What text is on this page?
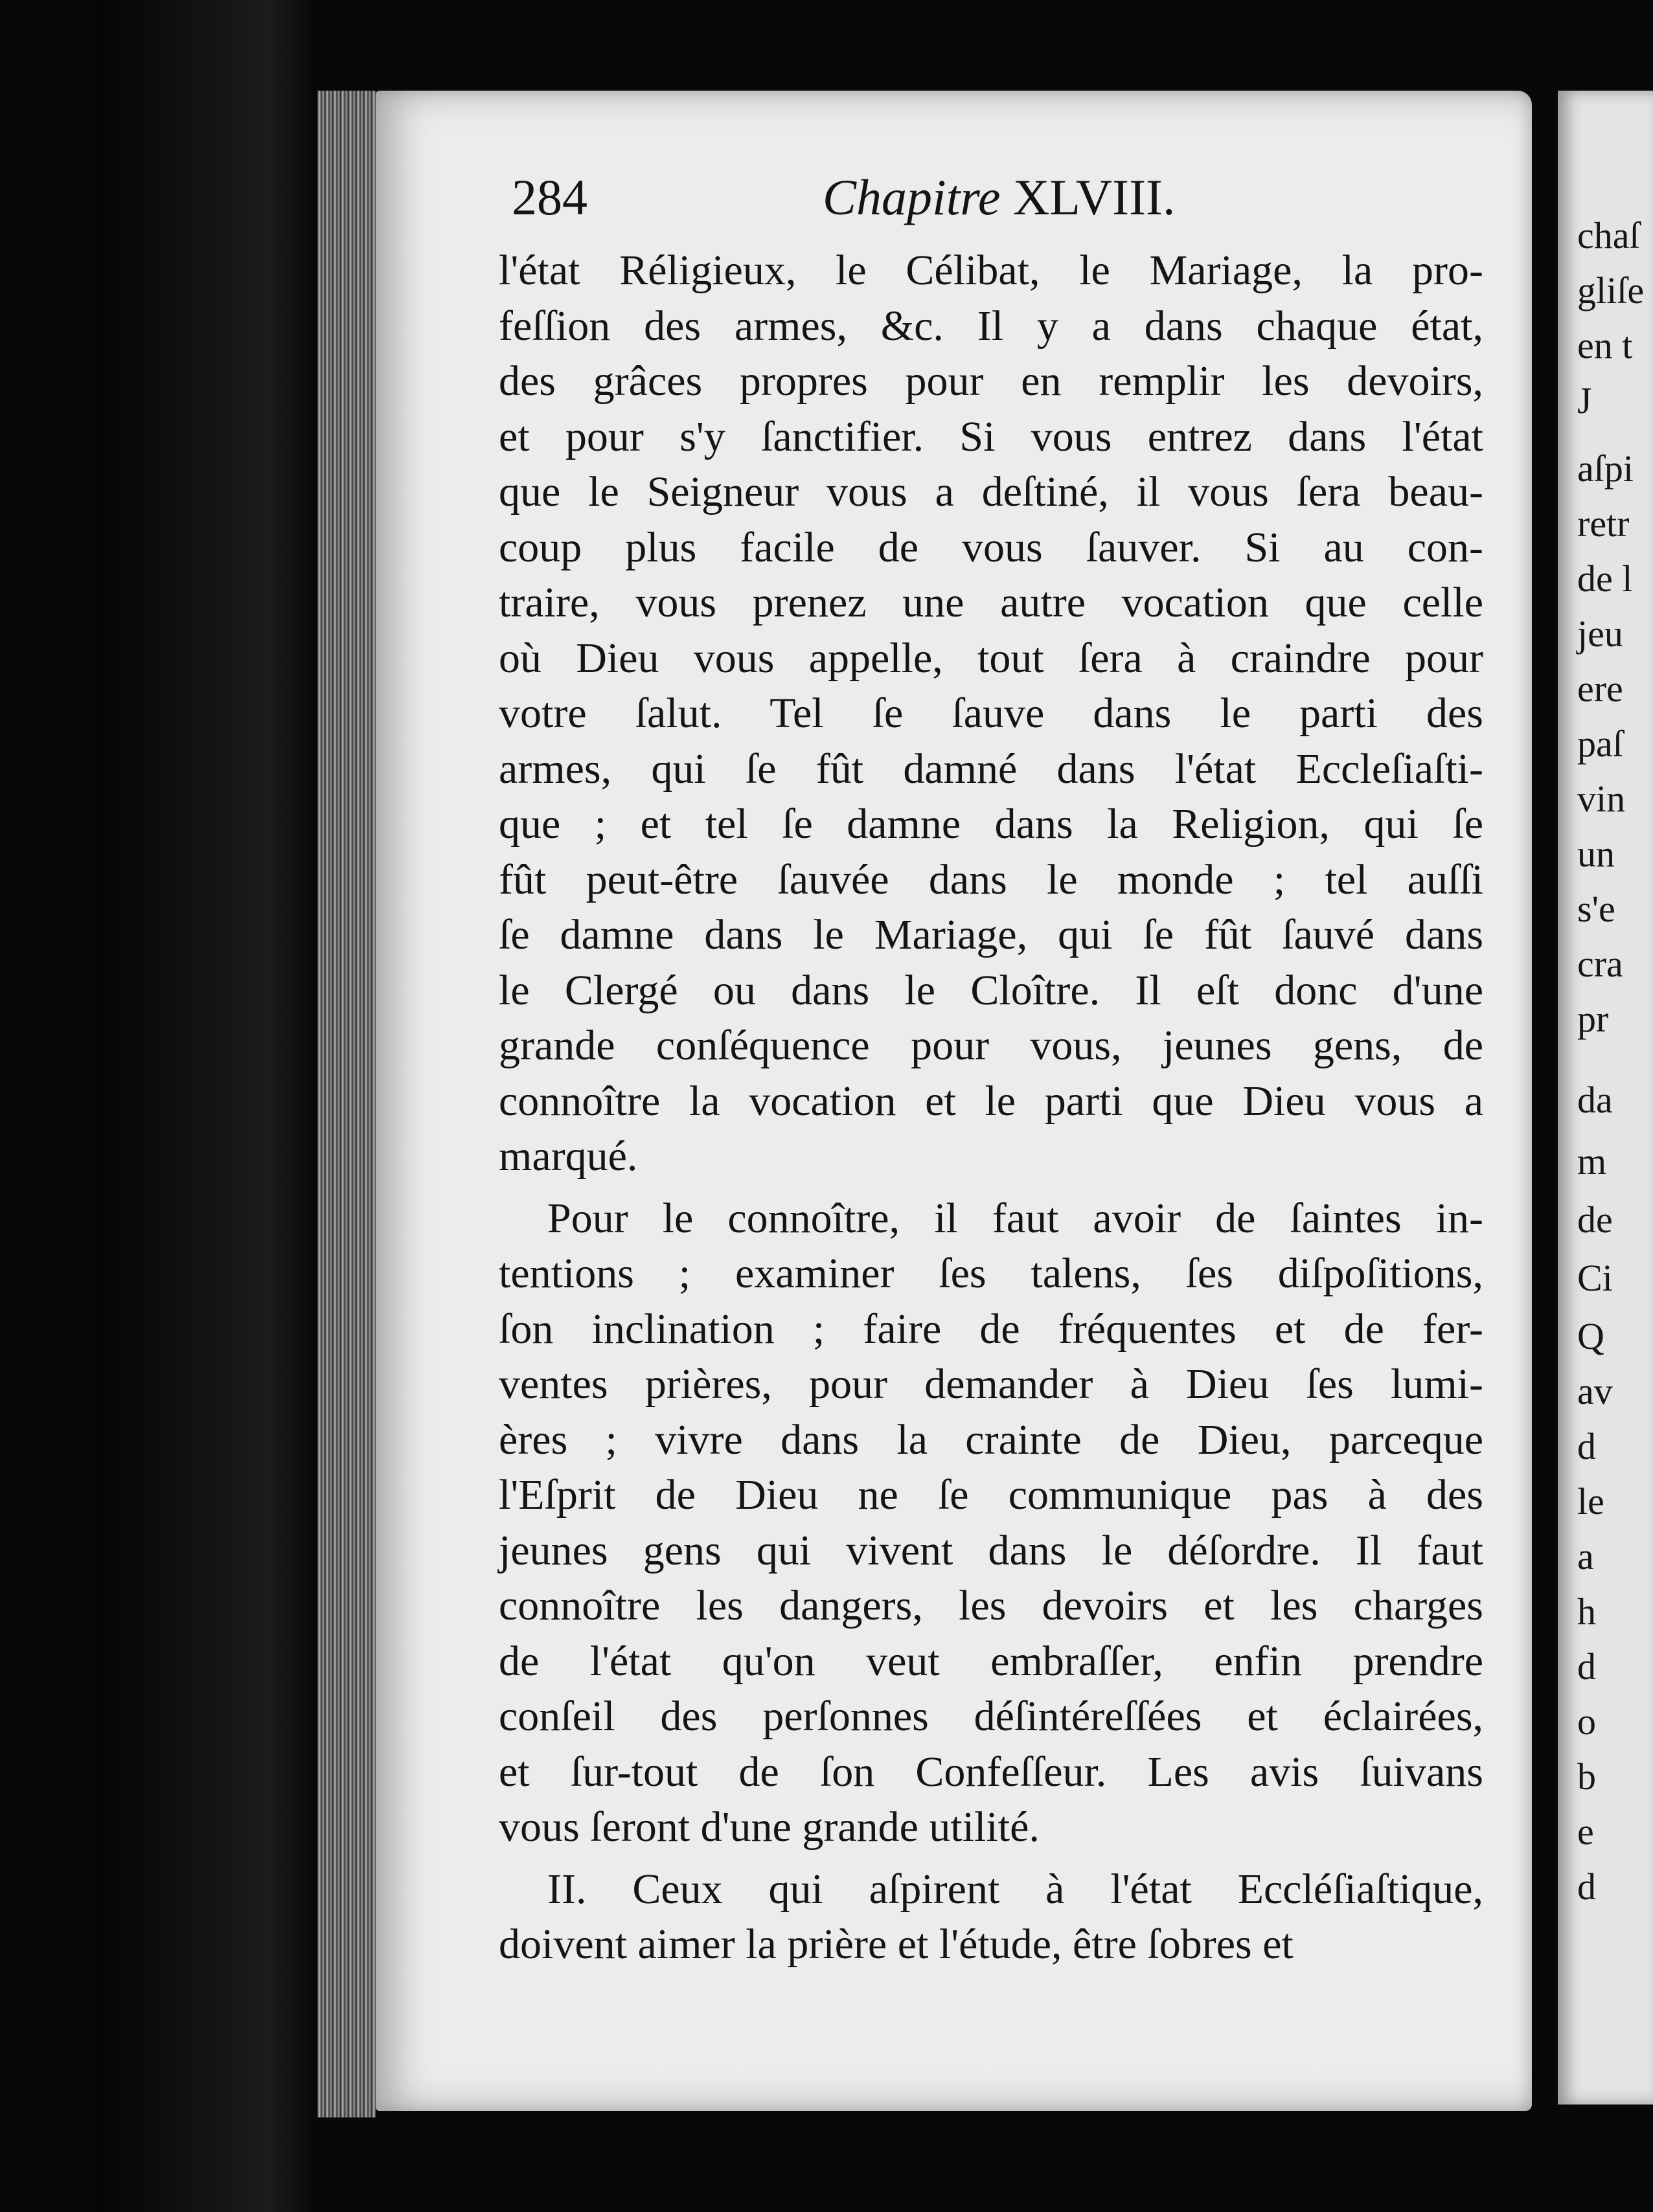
284	Chapitre XLVIII.
l'état Réligieux, le Célibat, le Mariage, la pro-
feſſion des armes, &c. Il y a dans chaque état,
des grâces propres pour en remplir les devoirs,
et pour s'y ſanctifier. Si vous entrez dans l'état
que le Seigneur vous a deſtiné, il vous ſera beau-
coup plus facile de vous ſauver. Si au con-
traire, vous prenez une autre vocation que celle
où Dieu vous appelle, tout ſera à craindre pour
votre ſalut. Tel ſe ſauve dans le parti des
armes, qui ſe fût damné dans l'état Eccleſiaſti-
que ; et tel ſe damne dans la Religion, qui ſe
fût peut-être ſauvée dans le monde ; tel auſſi
ſe damne dans le Mariage, qui ſe fût ſauvé dans
le Clergé ou dans le Cloître. Il eſt donc d'une
grande conſéquence pour vous, jeunes gens, de
connoître la vocation et le parti que Dieu vous a
marqué.
Pour le connoître, il faut avoir de ſaintes in-
tentions ; examiner ſes talens, ſes diſpoſitions,
ſon inclination ; faire de fréquentes et de fer-
ventes prières, pour demander à Dieu ſes lumi-
ères ; vivre dans la crainte de Dieu, parceque
l'Eſprit de Dieu ne ſe communique pas à des
jeunes gens qui vivent dans le déſordre. Il faut
connoître les dangers, les devoirs et les charges
de l'état qu'on veut embraſſer, enfin prendre
conſeil des perſonnes déſintéreſſées et éclairées,
et ſur-tout de ſon Confeſſeur. Les avis ſuivans
vous ſeront d'une grande utilité.
II. Ceux qui aſpirent à l'état Eccléſiaſtique,
doivent aimer la prière et l'étude, être ſobres et
chaſ
gliſe
en t
J
aſpi
retr
de l
jeu
ere
paſ
vin
un
s'e
cra
pr
da
m
de
Ci
Q
av
d
le
a
h
d
o
b
e
d
